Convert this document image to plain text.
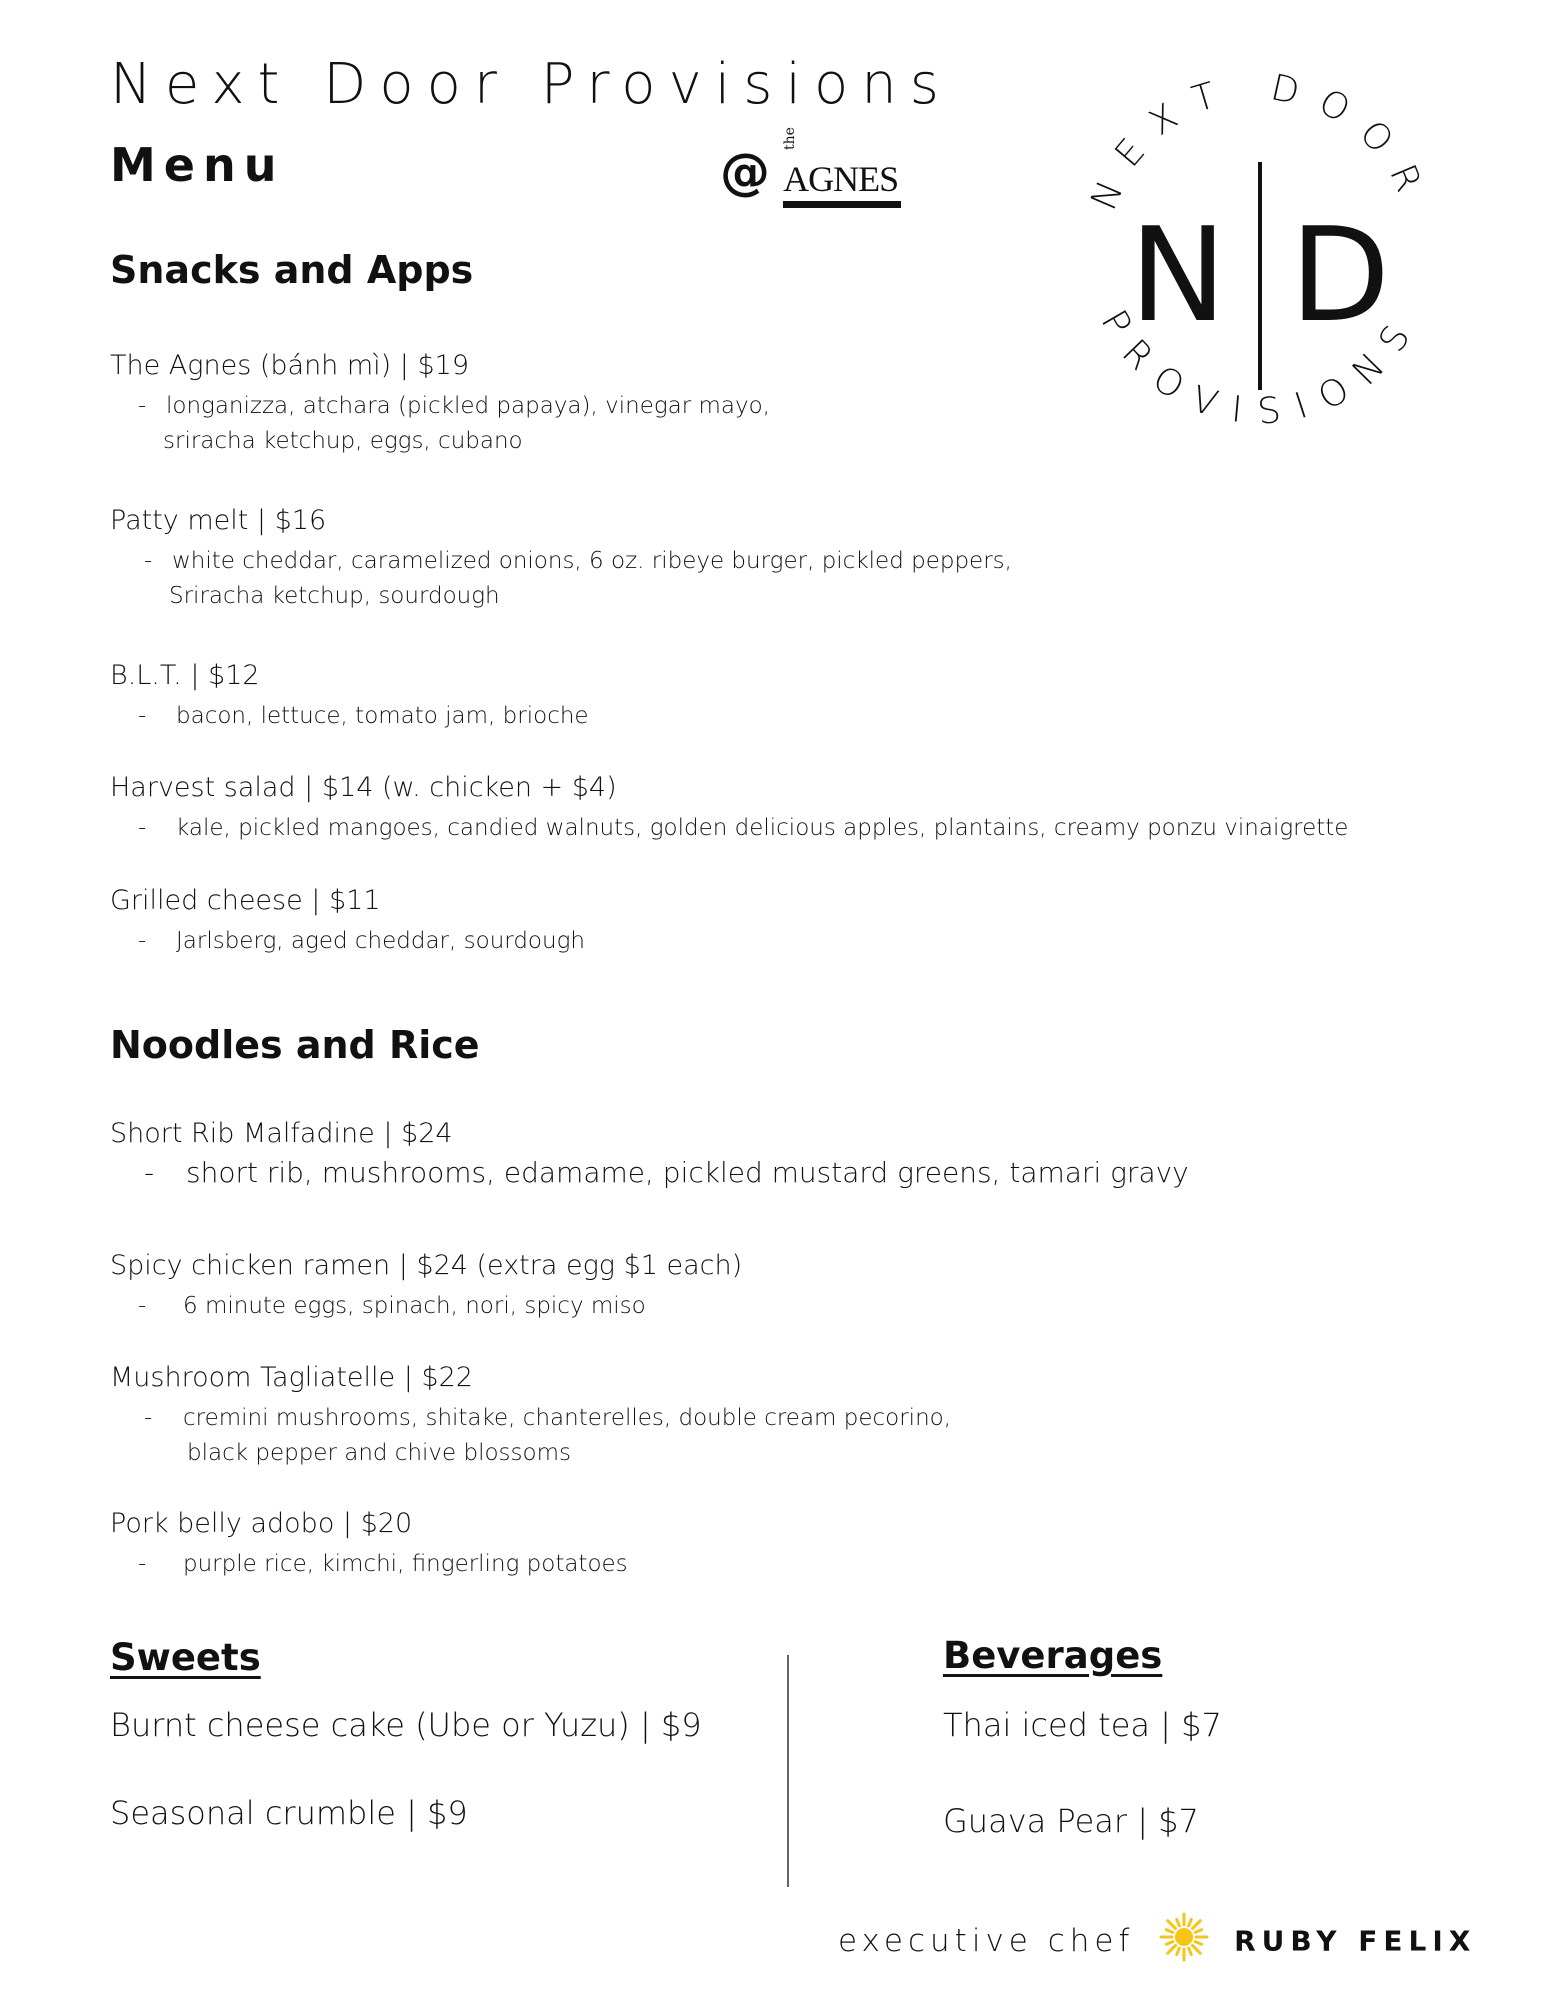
Next Door Provisions
Menu	@ theAGNES	NEXT DOOR
PROVISIONS
N D
Snacks and Apps
The Agnes (bánh mì) | $19
- longanizza, atchara (pickled papaya), vinegar mayo,
sriracha ketchup, eggs, cubano
Patty melt | $16
- white cheddar, caramelized onions, 6 oz. ribeye burger, pickled peppers,
Sriracha ketchup, sourdough
B.L.T. | $12
- bacon, lettuce, tomato jam, brioche
Harvest salad | $14 (w. chicken + $4)
- kale, pickled mangoes, candied walnuts, golden delicious apples, plantains, creamy ponzu vinaigrette
Grilled cheese | $11
- Jarlsberg, aged cheddar, sourdough
Noodles and Rice
Short Rib Malfadine | $24
- short rib, mushrooms, edamame, pickled mustard greens, tamari gravy
Spicy chicken ramen | $24 (extra egg $1 each)
- 6 minute eggs, spinach, nori, spicy miso
Mushroom Tagliatelle | $22
- cremini mushrooms, shitake, chanterelles, double cream pecorino,
black pepper and chive blossoms
Pork belly adobo | $20
- purple rice, kimchi, fingerling potatoes
Sweets
Burnt cheese cake (Ube or Yuzu) | $9
Seasonal crumble | $9
Beverages
Thai iced tea | $7
Guava Pear | $7
executive chef	RUBY FELIX
